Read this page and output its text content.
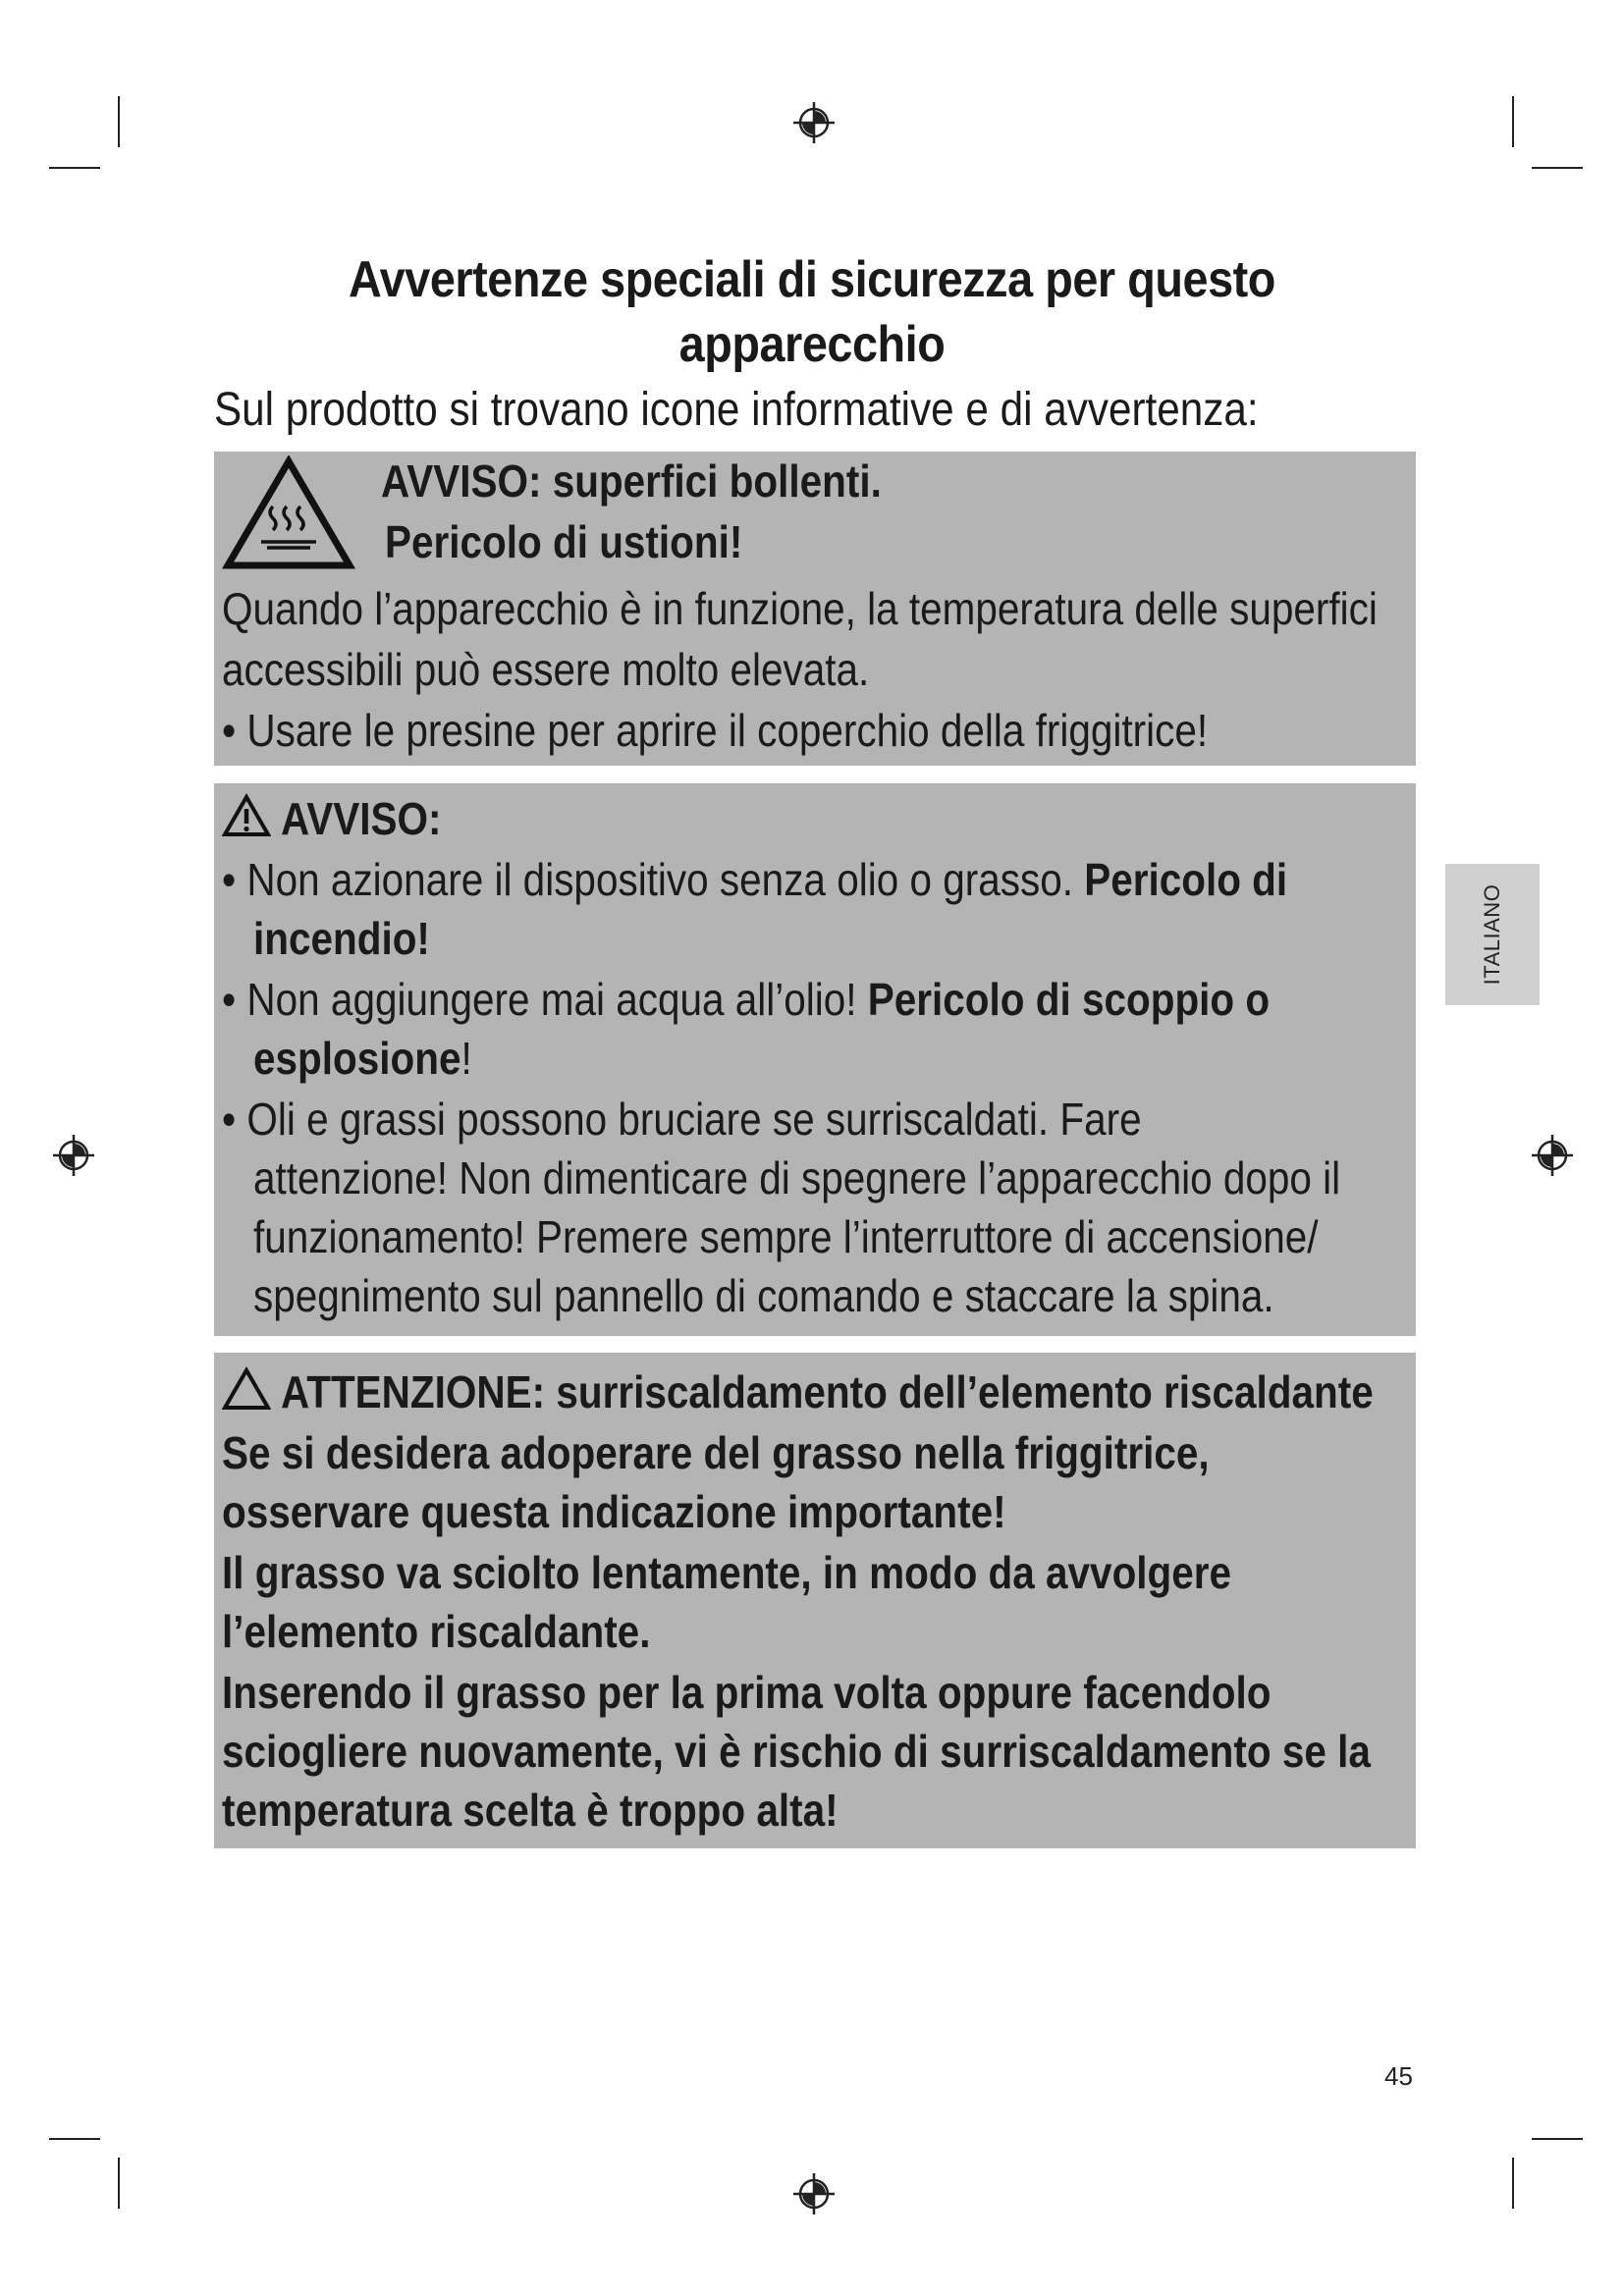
Avvertenze speciali di sicurezza per questo
apparecchio
Sul prodotto si trovano icone informative e di avvertenza:
AVVISO: superfici bollenti.
Pericolo di ustioni!
Quando l’apparecchio è in funzione, la temperatura delle superfici
accessibili può essere molto elevata.
• Usare le presine per aprire il coperchio della friggitrice!
AVVISO:
• Non azionare il dispositivo senza olio o grasso. Pericolo di
incendio!
• Non aggiungere mai acqua all’olio! Pericolo di scoppio o
esplosione!
• Oli e grassi possono bruciare se surriscaldati. Fare
attenzione! Non dimenticare di spegnere l’apparecchio dopo il
funzionamento! Premere sempre l’interruttore di accensione/
spegnimento sul pannello di comando e staccare la spina.
ATTENZIONE: surriscaldamento dell’elemento riscaldante
Se si desidera adoperare del grasso nella friggitrice,
osservare questa indicazione importante!
Il grasso va sciolto lentamente, in modo da avvolgere
l’elemento riscaldante.
Inserendo il grasso per la prima volta oppure facendolo
sciogliere nuovamente, vi è rischio di surriscaldamento se la
temperatura scelta è troppo alta!
ITALIANO
45
